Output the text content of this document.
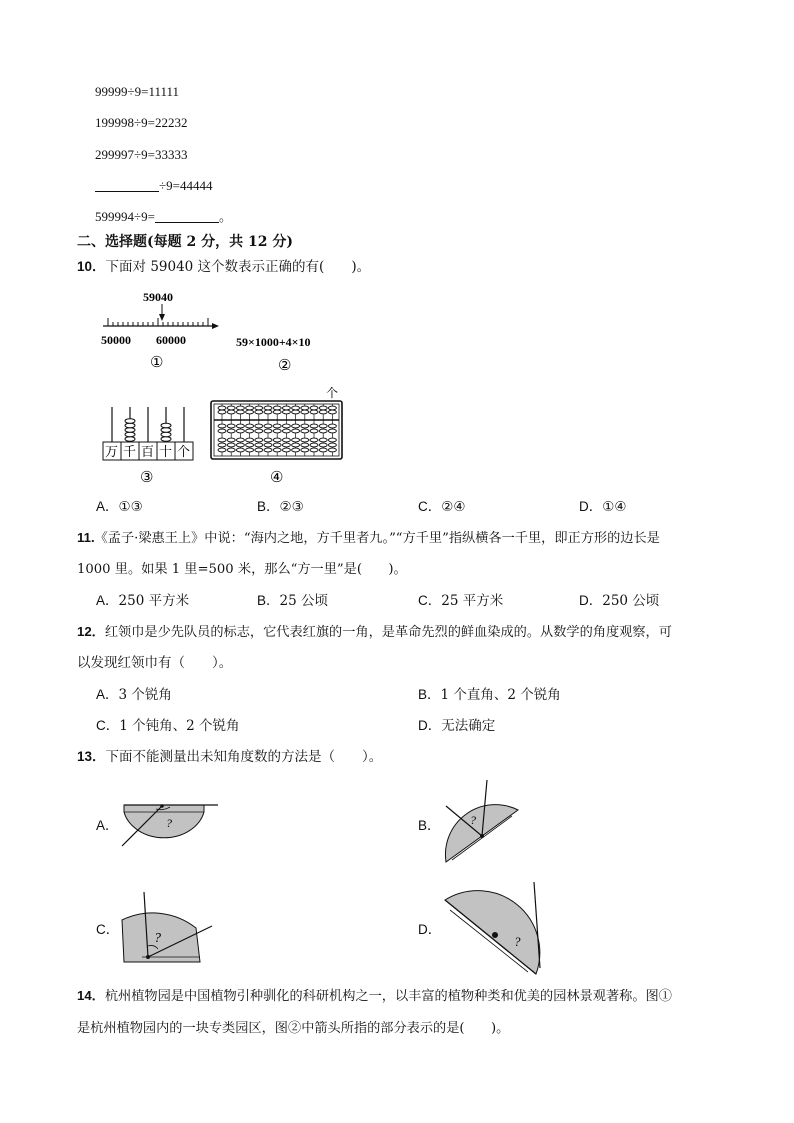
99999÷9=11111
199998÷9=22232
299997÷9=33333
÷9=44444
599994÷9=	。
二、选择题(每题 2 分，共 12 分)
10．下面对 59040 这个数表示正确的有(　　)。
59040
50000 60000
①
59×1000+4×10
②
万 千 百 十 个
③
个
④
A．①③	B．②③	C．②④	D．①④
11.《孟子·梁惠王上》中说：“海内之地，方千里者九。”“方千里”指纵横各一千里，即正方形的边长是
1000 里。如果 1 里=500 米，那么“方一里”是(　　)。
A．250 平方米	B．25 公顷	C．25 平方米	D．250 公顷
12．红领巾是少先队员的标志，它代表红旗的一角，是革命先烈的鲜血染成的。从数学的角度观察，可
以发现红领巾有（　　）。
A．3 个锐角	B．1 个直角、2 个锐角
C．1 个钝角、2 个锐角	D．无法确定
13．下面不能测量出未知角度数的方法是（　　）。
A．	B．
C．	D．
?	?
?	?
14．杭州植物园是中国植物引种驯化的科研机构之一，以丰富的植物种类和优美的园林景观著称。图①
是杭州植物园内的一块专类园区，图②中箭头所指的部分表示的是(　　)。
